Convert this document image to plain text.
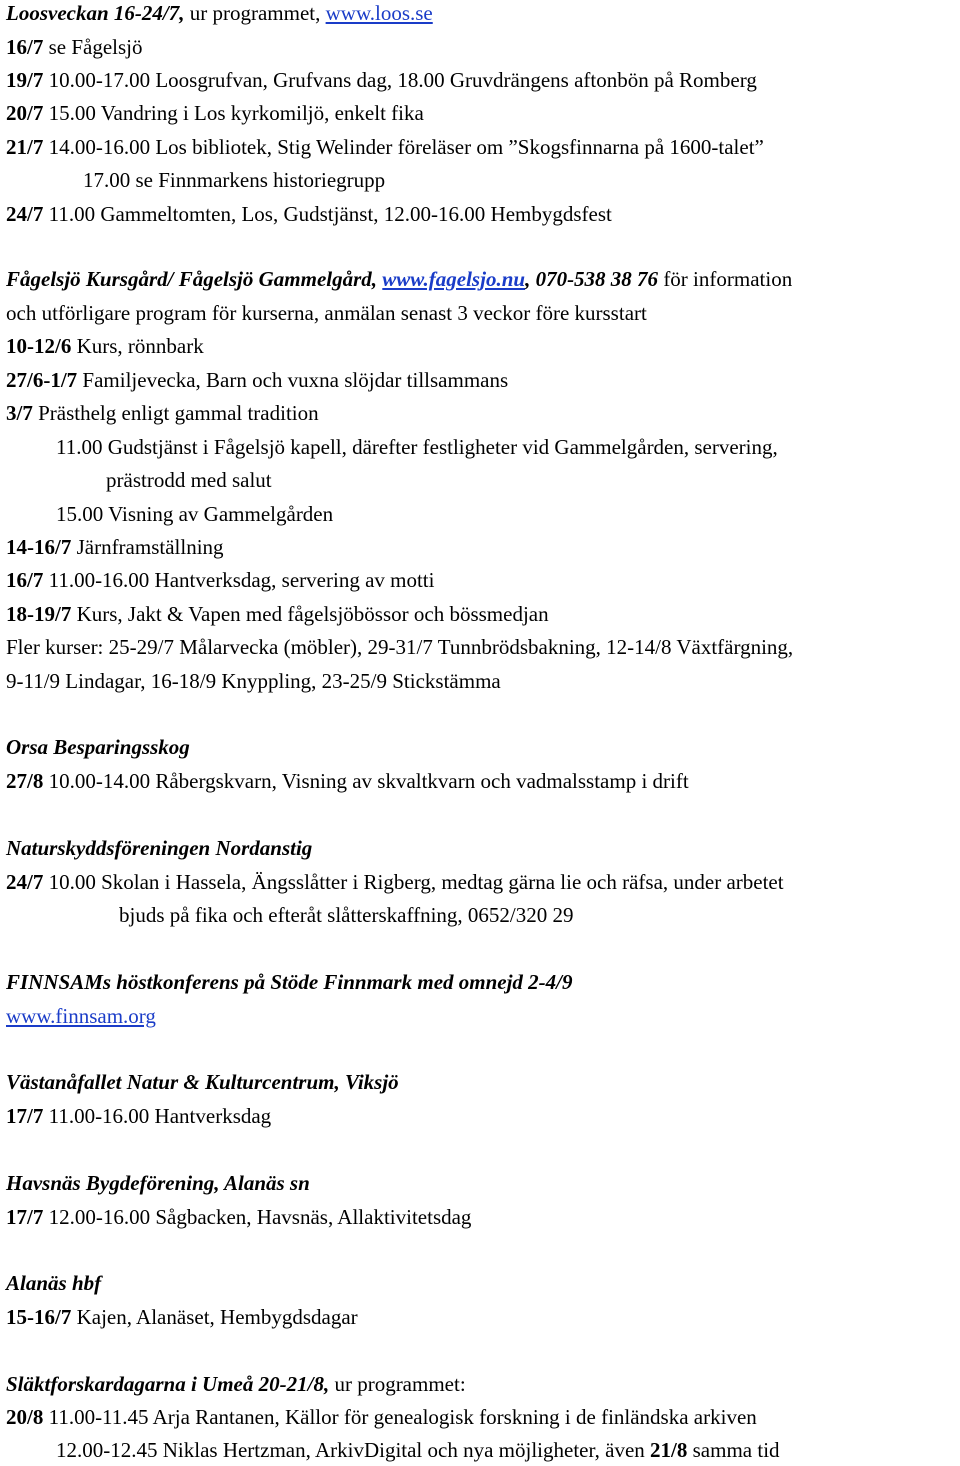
Loosveckan 16-24/7, ur programmet, www.loos.se
16/7 se Fågelsjö
19/7 10.00-17.00 Loosgrufvan, Grufvans dag, 18.00 Gruvdrängens aftonbön på Romberg
20/7 15.00 Vandring i Los kyrkomiljö, enkelt fika
21/7 14.00-16.00 Los bibliotek, Stig Welinder föreläser om ”Skogsfinnarna på 1600-talet”
17.00 se Finnmarkens historiegrupp
24/7 11.00 Gammeltomten, Los, Gudstjänst, 12.00-16.00 Hembygdsfest
Fågelsjö Kursgård/ Fågelsjö Gammelgård, www.fagelsjo.nu, 070-538 38 76 för information
och utförligare program för kurserna, anmälan senast 3 veckor före kursstart
10-12/6 Kurs, rönnbark
27/6-1/7 Familjevecka, Barn och vuxna slöjdar tillsammans
3/7 Prästhelg enligt gammal tradition
11.00 Gudstjänst i Fågelsjö kapell, därefter festligheter vid Gammelgården, servering,
prästrodd med salut
15.00 Visning av Gammelgården
14-16/7 Järnframställning
16/7 11.00-16.00 Hantverksdag, servering av motti
18-19/7 Kurs, Jakt & Vapen med fågelsjöbössor och bössmedjan
Fler kurser: 25-29/7 Målarvecka (möbler), 29-31/7 Tunnbrödsbakning, 12-14/8 Växtfärgning,
9-11/9 Lindagar, 16-18/9 Knyppling, 23-25/9 Stickstämma
Orsa Besparingsskog
27/8 10.00-14.00 Råbergskvarn, Visning av skvaltkvarn och vadmalsstamp i drift
Naturskyddsföreningen Nordanstig
24/7 10.00 Skolan i Hassela, Ängsslåtter i Rigberg, medtag gärna lie och räfsa, under arbetet
bjuds på fika och efteråt slåtterskaffning, 0652/320 29
FINNSAMs höstkonferens på Stöde Finnmark med omnejd 2-4/9
www.finnsam.org
Västanåfallet Natur & Kulturcentrum, Viksjö
17/7 11.00-16.00 Hantverksdag
Havsnäs Bygdeförening, Alanäs sn
17/7 12.00-16.00 Sågbacken, Havsnäs, Allaktivitetsdag
Alanäs hbf
15-16/7 Kajen, Alanäset, Hembygdsdagar
Släktforskardagarna i Umeå 20-21/8, ur programmet:
20/8 11.00-11.45 Arja Rantanen, Källor för genealogisk forskning i de finländska arkiven
12.00-12.45 Niklas Hertzman, ArkivDigital och nya möjligheter, även 21/8 samma tid
